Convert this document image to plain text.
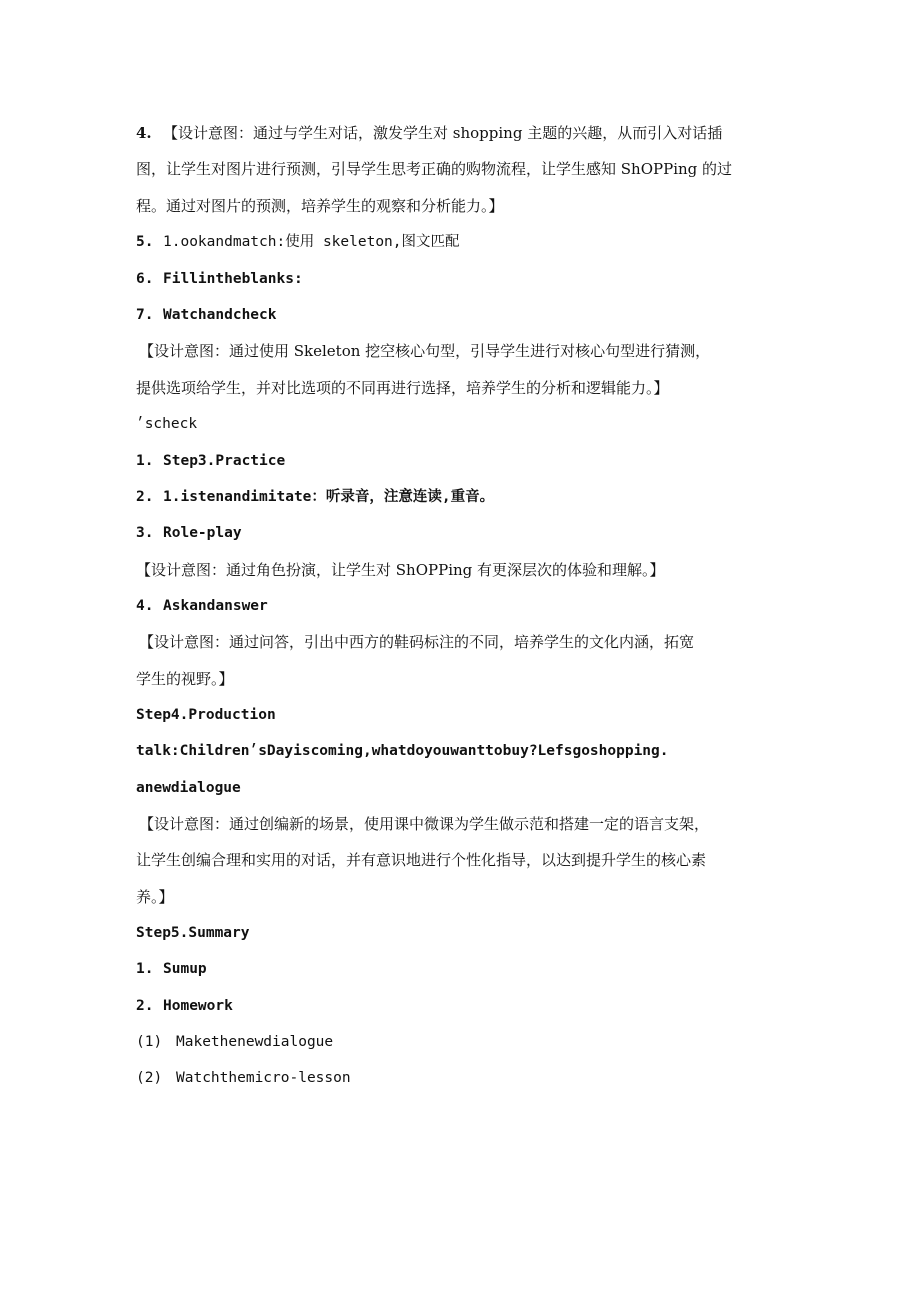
4. 【设计意图：通过与学生对话，激发学生对 shopping 主题的兴趣，从而引入对话插
图，让学生对图片进行预测，引导学生思考正确的购物流程，让学生感知 ShOPPing 的过
程。通过对图片的预测，培养学生的观察和分析能力。】
5. 1.ookandmatch:使用 skeleton,图文匹配
6. Fillintheblanks:
7. Watchandcheck
【设计意图：通过使用 Skeleton 挖空核心句型，引导学生进行对核心句型进行猜测，
提供选项给学生，并对比选项的不同再进行选择，培养学生的分析和逻辑能力。】
׳scheck
1. Step3.Practice
2. 1.istenandimitate：听录音，注意连读,重音。
3. Role-play
【设计意图：通过角色扮演，让学生对 ShOPPing 有更深层次的体验和理解。】
4. Askandanswer
【设计意图：通过问答，引出中西方的鞋码标注的不同，培养学生的文化内涵，拓宽
学生的视野。】
Step4.Production
talk:Children׳sDayiscoming,whatdoyouwanttobuy?Lefsgoshopping.
anewdialogue
【设计意图：通过创编新的场景，使用课中微课为学生做示范和搭建一定的语言支架，
让学生创编合理和实用的对话，并有意识地进行个性化指导，以达到提升学生的核心素
养。】
Step5.Summary
1. Sumup
2. Homework
(1) Makethenewdialogue
(2) Watchthemicro-lesson
